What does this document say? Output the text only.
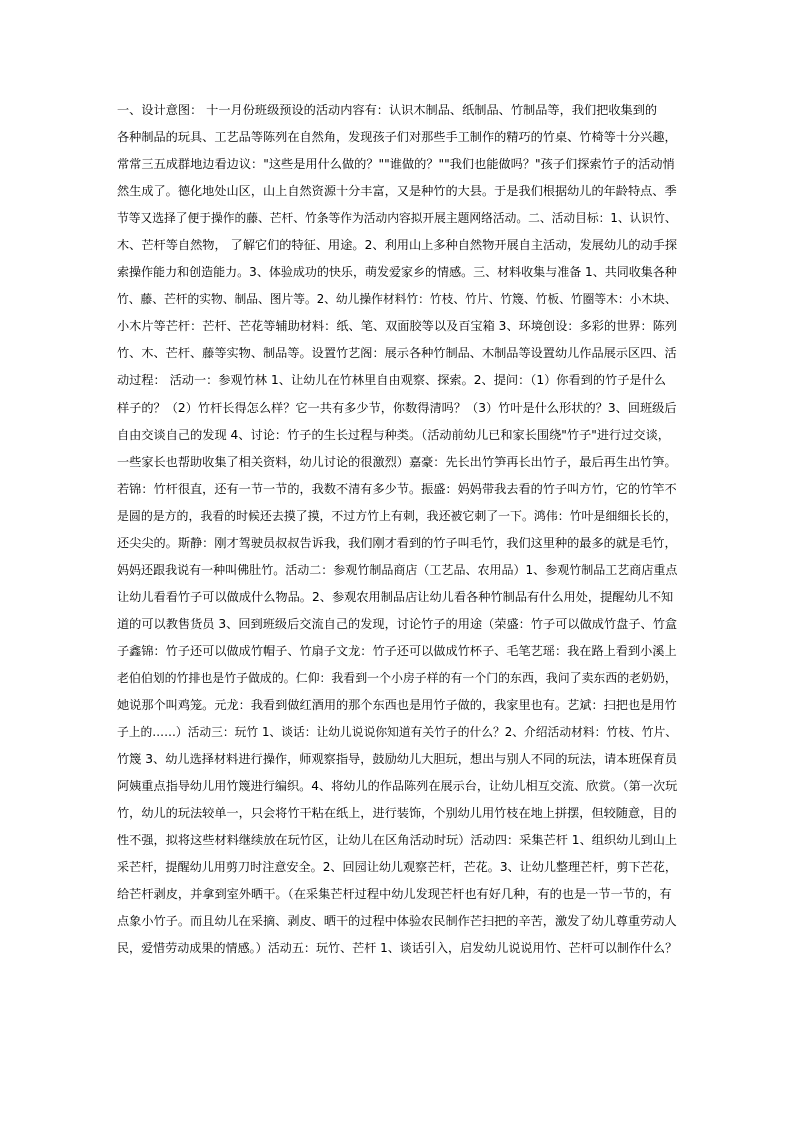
一、设计意图： 十一月份班级预设的活动内容有：认识木制品、纸制品、竹制品等，我们把收集到的
各种制品的玩具、工艺品等陈列在自然角，发现孩子们对那些手工制作的精巧的竹桌、竹椅等十分兴趣，
常常三五成群地边看边议："这些是用什么做的？""谁做的？""我们也能做吗？"孩子们探索竹子的活动悄
然生成了。德化地处山区，山上自然资源十分丰富，又是种竹的大县。于是我们根据幼儿的年龄特点、季
节等又选择了便于操作的藤、芒杆、竹条等作为活动内容拟开展主题网络活动。二、活动目标：1、认识竹、
木、芒杆等自然物， 了解它们的特征、用途。2、利用山上多种自然物开展自主活动，发展幼儿的动手探
索操作能力和创造能力。3、体验成功的快乐，萌发爱家乡的情感。三、材料收集与准备 1、共同收集各种
竹、藤、芒杆的实物、制品、图片等。2、幼儿操作材料竹：竹枝、竹片、竹篾、竹板、竹圈等木：小木块、
小木片等芒杆：芒杆、芒花等辅助材料：纸、笔、双面胶等以及百宝箱 3、环境创设：多彩的世界：陈列
竹、木、芒杆、藤等实物、制品等。设置竹艺阁：展示各种竹制品、木制品等设置幼儿作品展示区四、活
动过程： 活动一：参观竹林 1、让幼儿在竹林里自由观察、探索。2、提问：（1）你看到的竹子是什么
样子的？（2）竹杆长得怎么样？它一共有多少节，你数得清吗？（3）竹叶是什么形状的？3、回班级后
自由交谈自己的发现 4、讨论：竹子的生长过程与种类。（活动前幼儿已和家长围绕"竹子"进行过交谈，
一些家长也帮助收集了相关资料，幼儿讨论的很激烈）嘉豪：先长出竹笋再长出竹子，最后再生出竹笋。
若锦：竹杆很直，还有一节一节的，我数不清有多少节。振盛：妈妈带我去看的竹子叫方竹，它的竹竿不
是圆的是方的，我看的时候还去摸了摸，不过方竹上有刺，我还被它刺了一下。鸿伟：竹叶是细细长长的，
还尖尖的。斯静：刚才驾驶员叔叔告诉我，我们刚才看到的竹子叫毛竹，我们这里种的最多的就是毛竹，
妈妈还跟我说有一种叫佛肚竹。活动二：参观竹制品商店（工艺品、农用品）1、参观竹制品工艺商店重点
让幼儿看看竹子可以做成什么物品。2、参观农用制品店让幼儿看各种竹制品有什么用处，提醒幼儿不知
道的可以教售货员 3、回到班级后交流自己的发现，讨论竹子的用途（荣盛：竹子可以做成竹盘子、竹盒
子鑫锦：竹子还可以做成竹帽子、竹扇子文龙：竹子还可以做成竹杯子、毛笔艺瑶：我在路上看到小溪上
老伯伯划的竹排也是竹子做成的。仁仰：我看到一个小房子样的有一个门的东西，我问了卖东西的老奶奶，
她说那个叫鸡笼。元龙：我看到做红酒用的那个东西也是用竹子做的，我家里也有。艺斌：扫把也是用竹
子上的……）活动三：玩竹 1、谈话：让幼儿说说你知道有关竹子的什么？2、介绍活动材料：竹枝、竹片、
竹篾 3、幼儿选择材料进行操作，师观察指导，鼓励幼儿大胆玩，想出与别人不同的玩法，请本班保育员
阿姨重点指导幼儿用竹篾进行编织。4、将幼儿的作品陈列在展示台，让幼儿相互交流、欣赏。（第一次玩
竹，幼儿的玩法较单一，只会将竹干粘在纸上，进行装饰，个别幼儿用竹枝在地上拼摆，但较随意，目的
性不强，拟将这些材料继续放在玩竹区，让幼儿在区角活动时玩）活动四：采集芒杆 1、组织幼儿到山上
采芒杆，提醒幼儿用剪刀时注意安全。2、回园让幼儿观察芒杆，芒花。3、让幼儿整理芒杆，剪下芒花，
给芒杆剥皮，并拿到室外晒干。（在采集芒杆过程中幼儿发现芒杆也有好几种，有的也是一节一节的，有
点象小竹子。而且幼儿在采摘、剥皮、晒干的过程中体验农民制作芒扫把的辛苦，激发了幼儿尊重劳动人
民，爱惜劳动成果的情感。）活动五：玩竹、芒杆 1、谈话引入，启发幼儿说说用竹、芒杆可以制作什么？
